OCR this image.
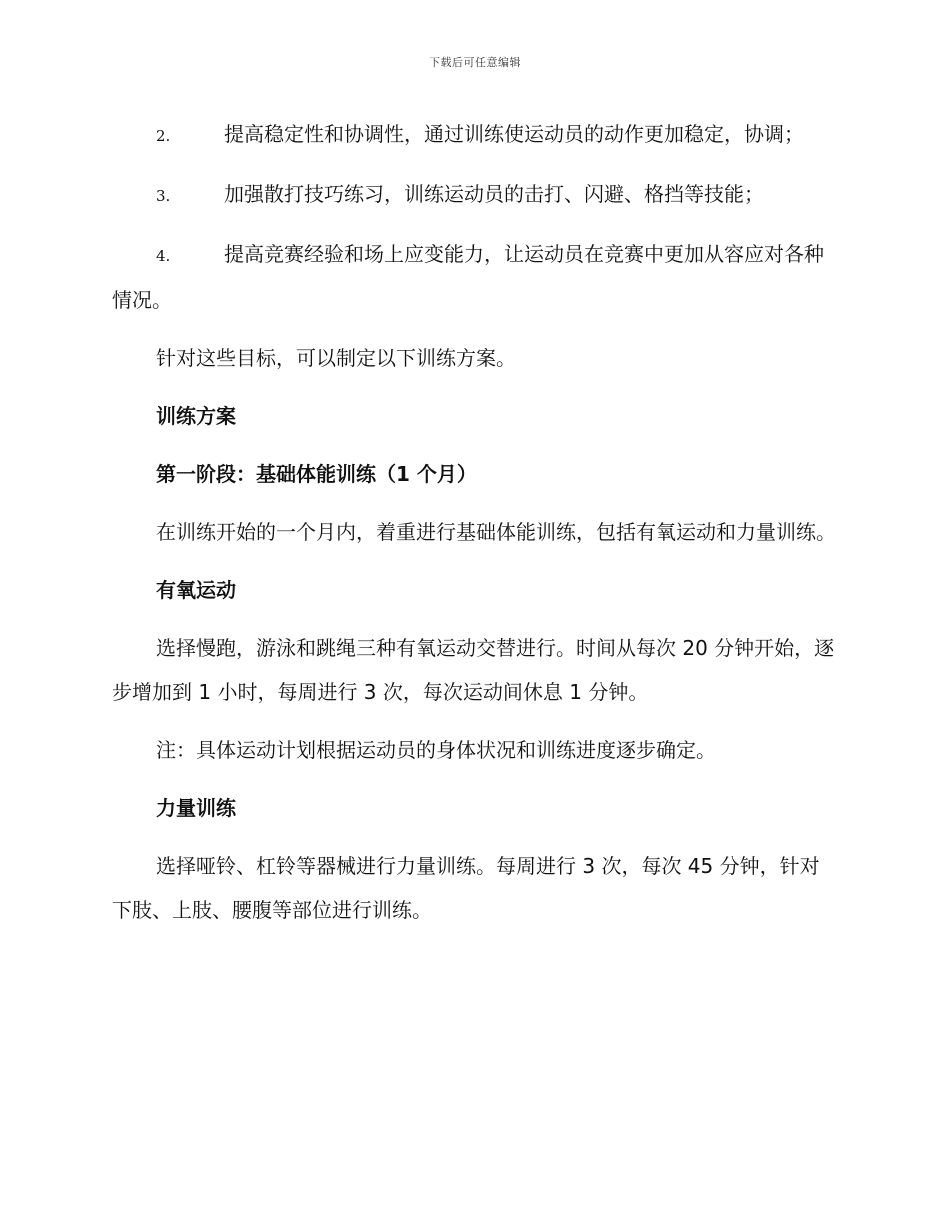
下载后可任意编辑

2.	提高稳定性和协调性，通过训练使运动员的动作更加稳定，协调；

3.	加强散打技巧练习，训练运动员的击打、闪避、格挡等技能；

4.	提高竞赛经验和场上应变能力，让运动员在竞赛中更加从容应对各种情况。

针对这些目标，可以制定以下训练方案。

训练方案

第一阶段：基础体能训练（1 个月）

在训练开始的一个月内，着重进行基础体能训练，包括有氧运动和力量训练。

有氧运动

选择慢跑，游泳和跳绳三种有氧运动交替进行。时间从每次 20 分钟开始，逐步增加到 1 小时，每周进行 3 次，每次运动间休息 1 分钟。

注：具体运动计划根据运动员的身体状况和训练进度逐步确定。

力量训练

选择哑铃、杠铃等器械进行力量训练。每周进行 3 次，每次 45 分钟，针对下肢、上肢、腰腹等部位进行训练。
